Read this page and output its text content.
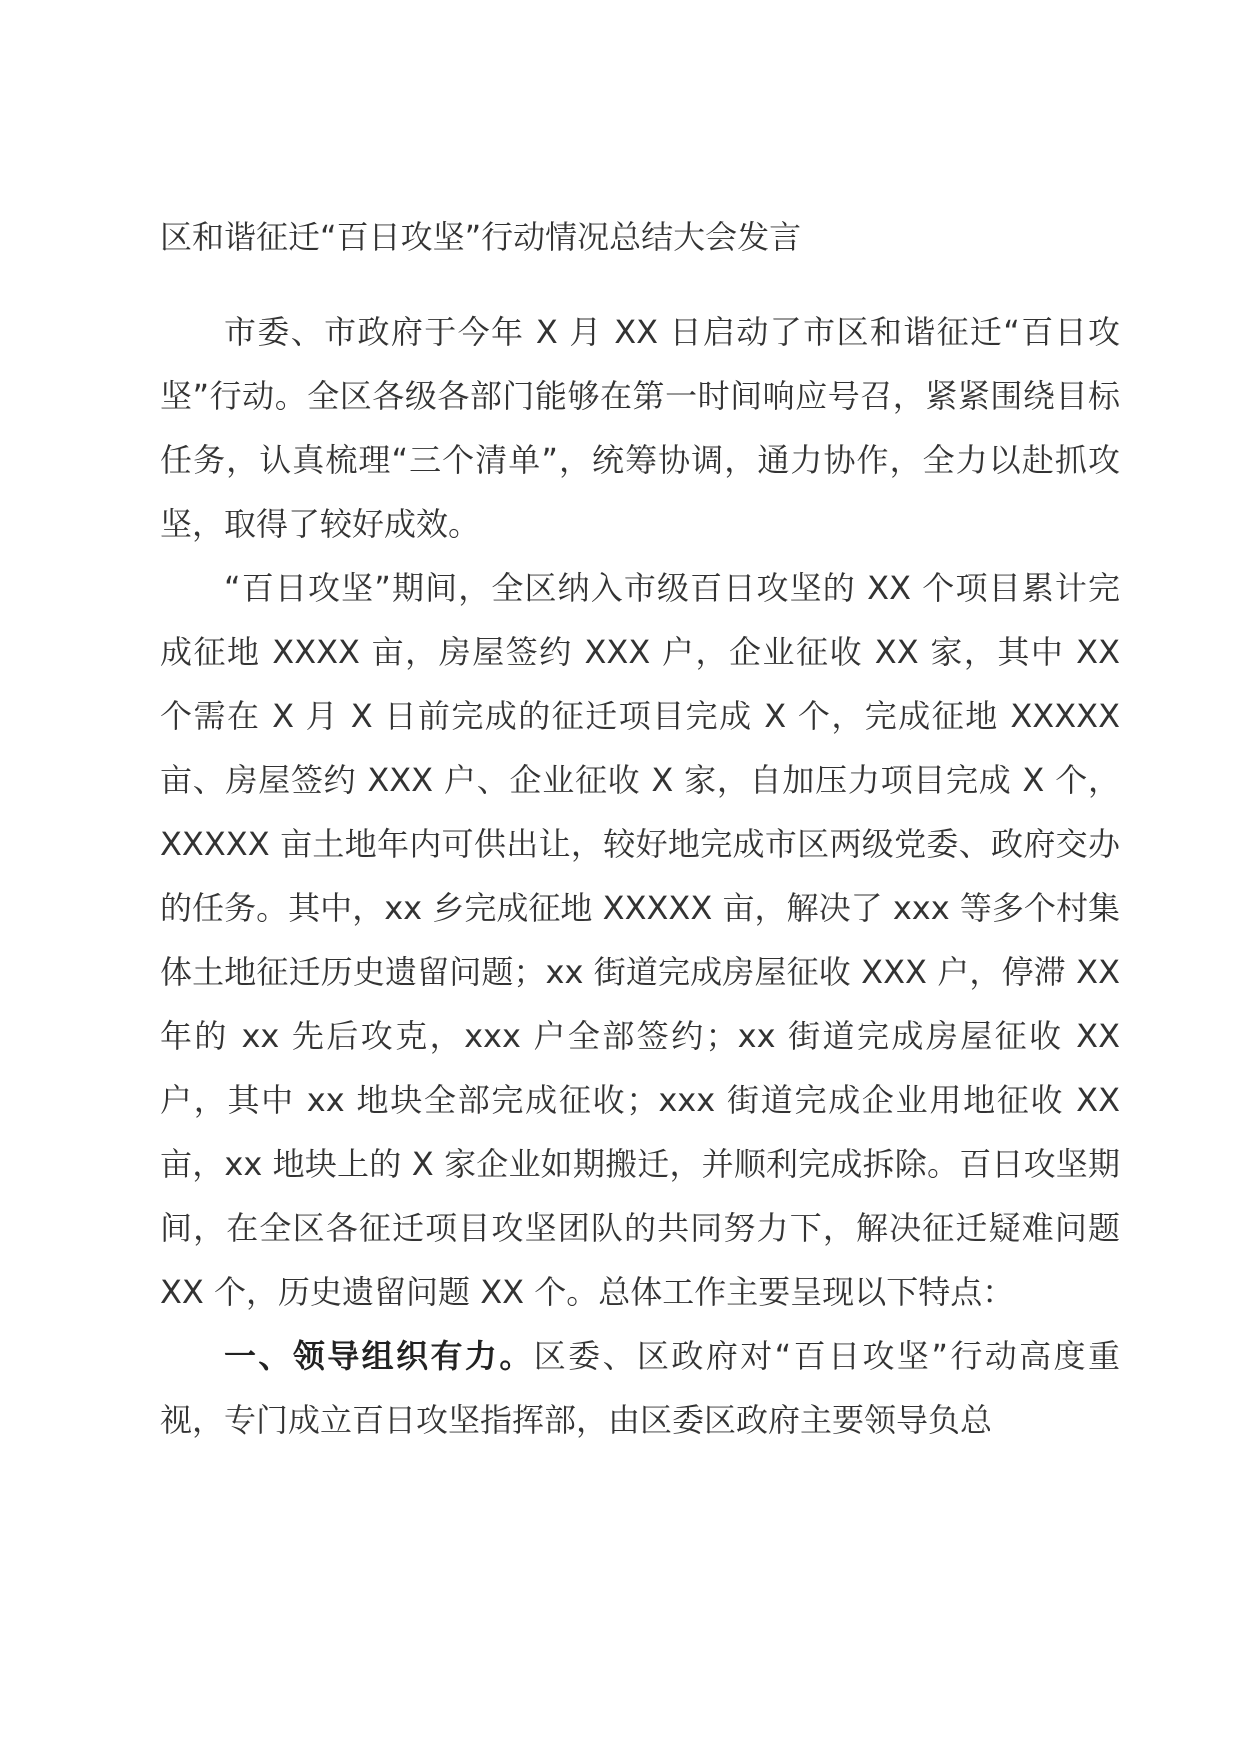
区和谐征迁“百日攻坚”行动情况总结大会发言

市委、市政府于今年 X 月 XX 日启动了市区和谐征迁“百日攻坚”行动。全区各级各部门能够在第一时间响应号召，紧紧围绕目标任务，认真梳理“三个清单”，统筹协调，通力协作，全力以赴抓攻坚，取得了较好成效。

“百日攻坚”期间，全区纳入市级百日攻坚的 XX 个项目累计完成征地 XXXX 亩，房屋签约 XXX 户，企业征收 XX 家，其中 XX 个需在 X 月 X 日前完成的征迁项目完成 X 个，完成征地 XXXXX 亩、房屋签约 XXX 户、企业征收 X 家，自加压力项目完成 X 个，XXXXX 亩土地年内可供出让，较好地完成市区两级党委、政府交办的任务。其中，xx 乡完成征地 XXXXX 亩，解决了 xxx 等多个村集体土地征迁历史遗留问题；xx 街道完成房屋征收 XXX 户，停滞 XX 年的 xx 先后攻克，xxx 户全部签约；xx 街道完成房屋征收 XX 户，其中 xx 地块全部完成征收；xxx 街道完成企业用地征收 XX 亩，xx 地块上的 X 家企业如期搬迁，并顺利完成拆除。百日攻坚期间，在全区各征迁项目攻坚团队的共同努力下，解决征迁疑难问题 XX 个，历史遗留问题 XX 个。总体工作主要呈现以下特点：

一、领导组织有力。区委、区政府对“百日攻坚”行动高度重视，专门成立百日攻坚指挥部，由区委区政府主要领导负总
